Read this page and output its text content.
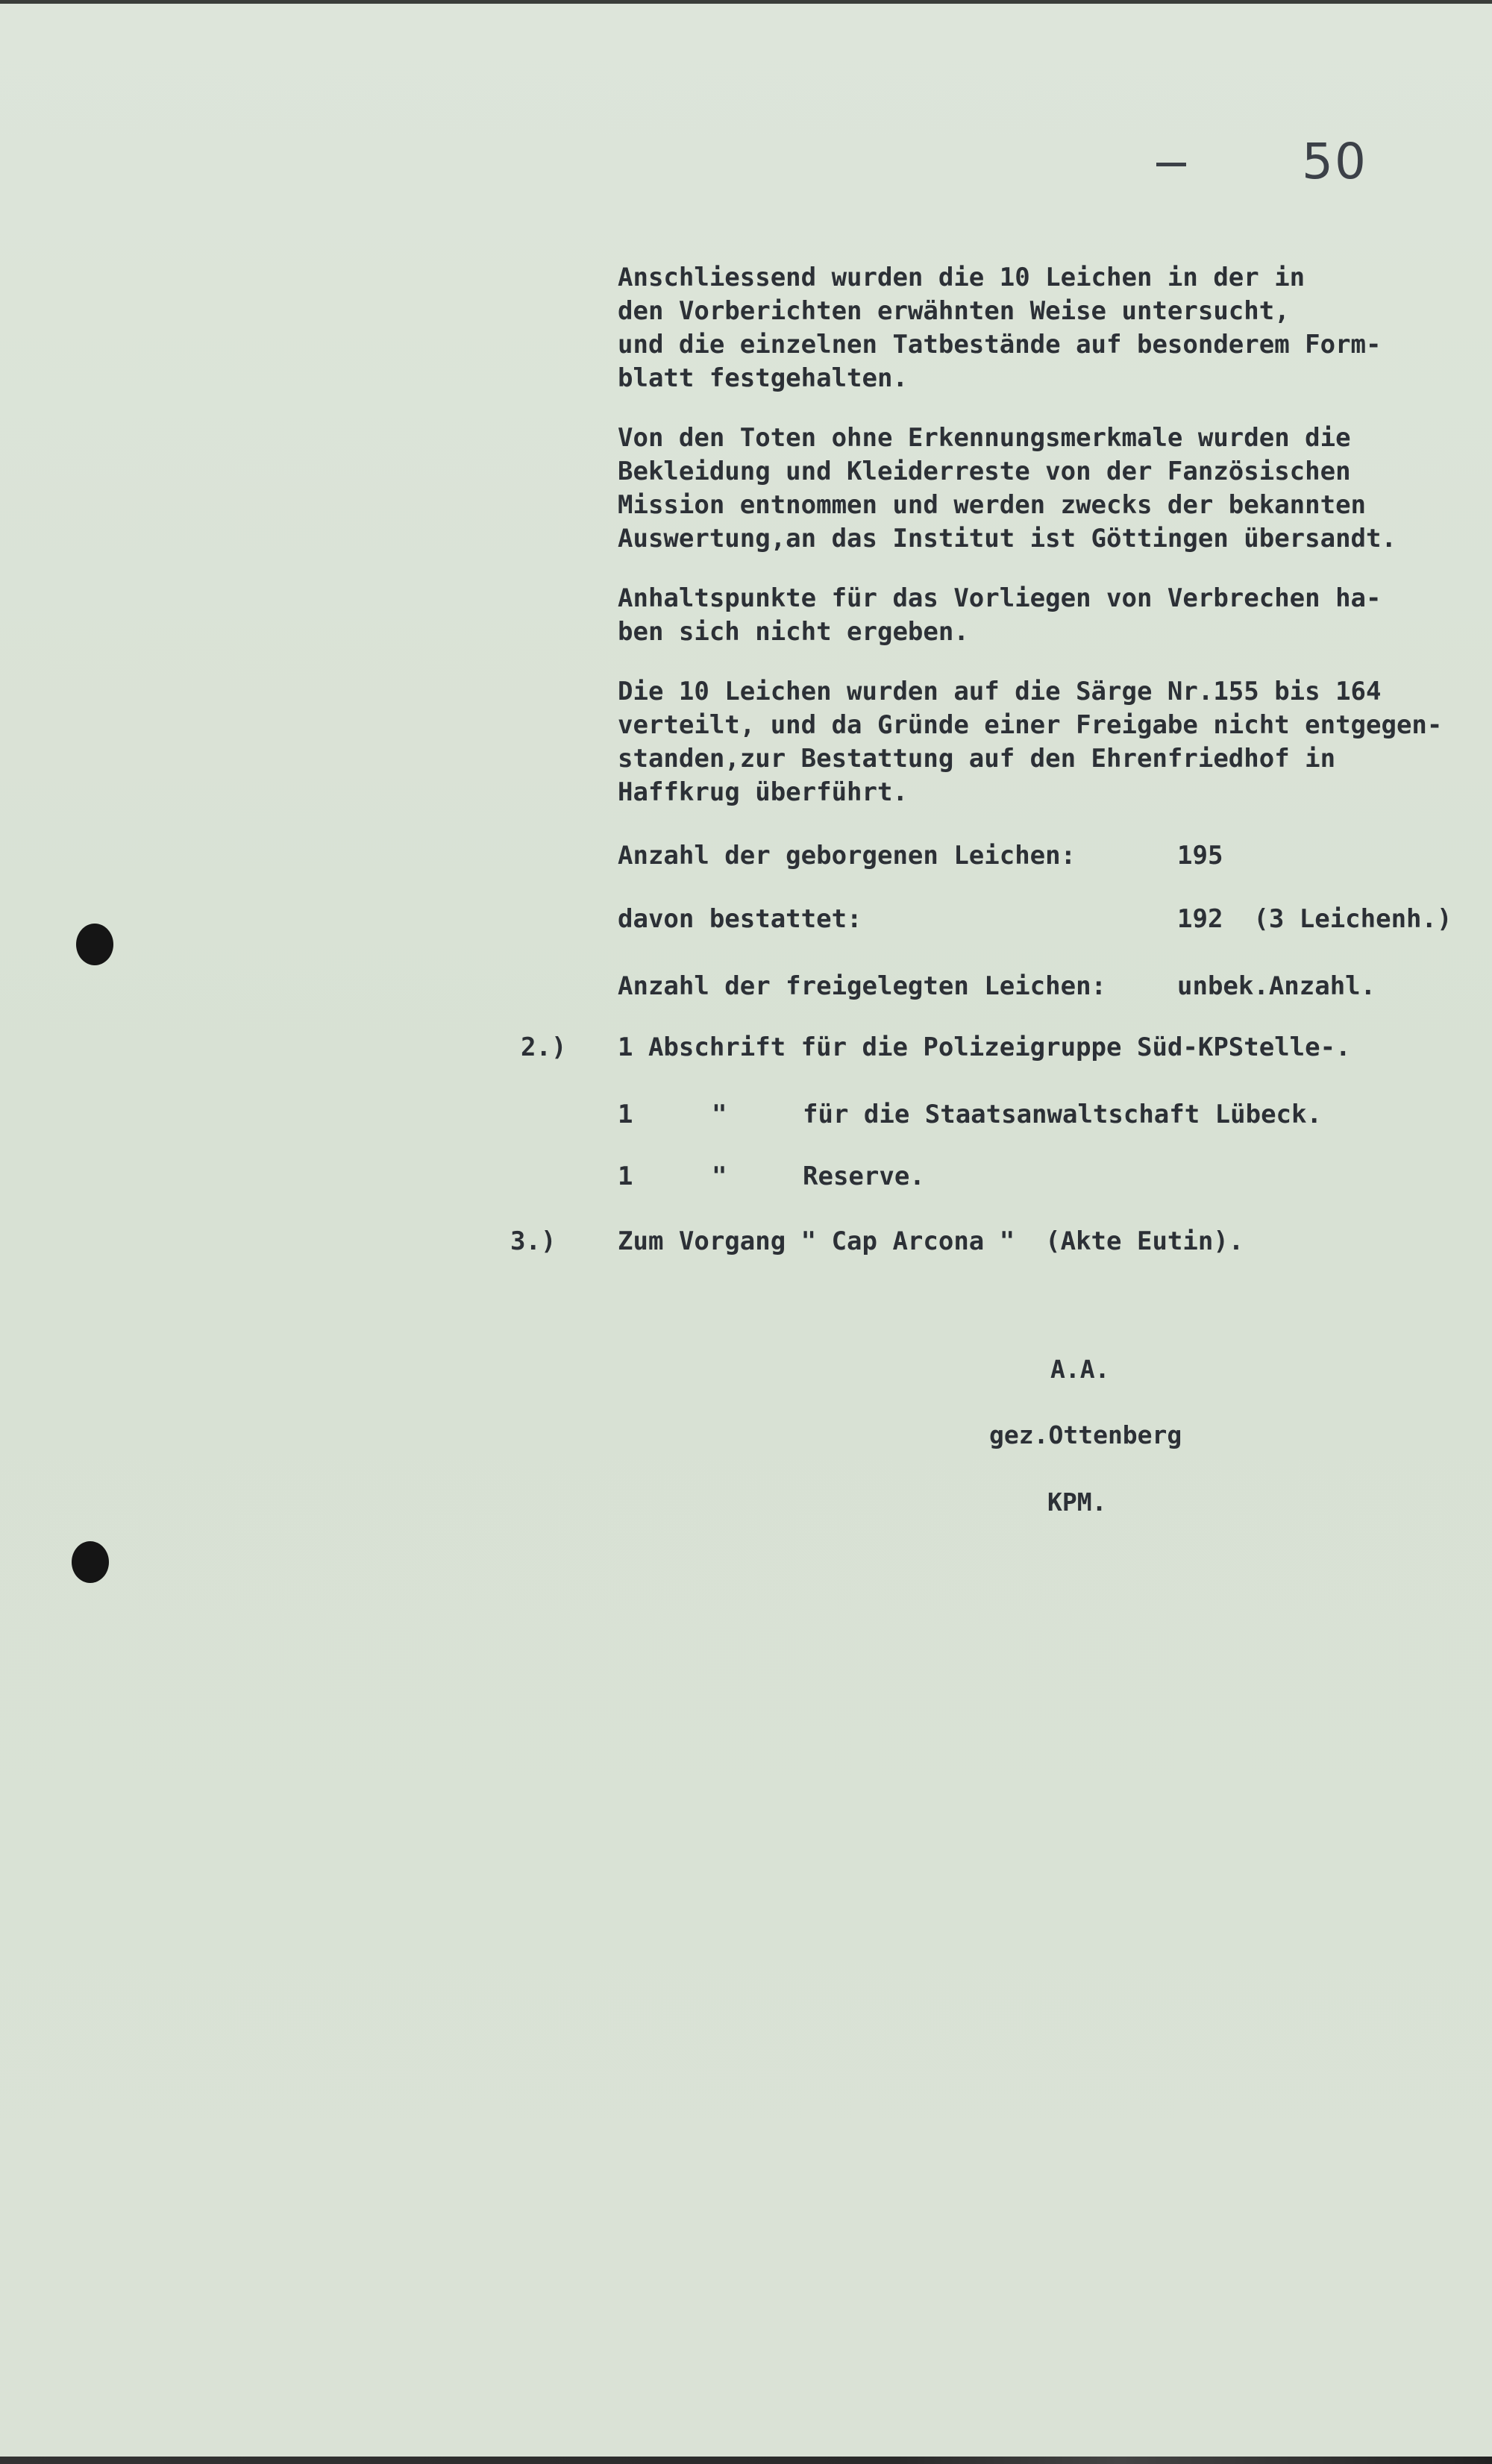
50
Anschliessend wurden die 10 Leichen in der in
den Vorberichten erwähnten Weise untersucht,
und die einzelnen Tatbestände auf besonderem Form-
blatt festgehalten.
Von den Toten ohne Erkennungsmerkmale wurden die
Bekleidung und Kleiderreste von der Fanzösischen
Mission entnommen und werden zwecks der bekannten
Auswertung,an das Institut ist Göttingen übersandt.
Anhaltspunkte für das Vorliegen von Verbrechen ha-
ben sich nicht ergeben.
Die 10 Leichen wurden auf die Särge Nr.155 bis 164
verteilt, und da Gründe einer Freigabe nicht entgegen-
standen,zur Bestattung auf den Ehrenfriedhof in
Haffkrug überführt.
Anzahl der geborgenen Leichen:	195
davon bestattet:	192  (3 Leichenh.)
Anzahl der freigelegten Leichen:	unbek.Anzahl.
2.) 1 Abschrift für die Polizeigruppe Süd-KPStelle-.
1	"	für die Staatsanwaltschaft Lübeck.
1	"	Reserve.
3.) Zum Vorgang " Cap Arcona "  (Akte Eutin).
A.A.
gez.Ottenberg
KPM.
